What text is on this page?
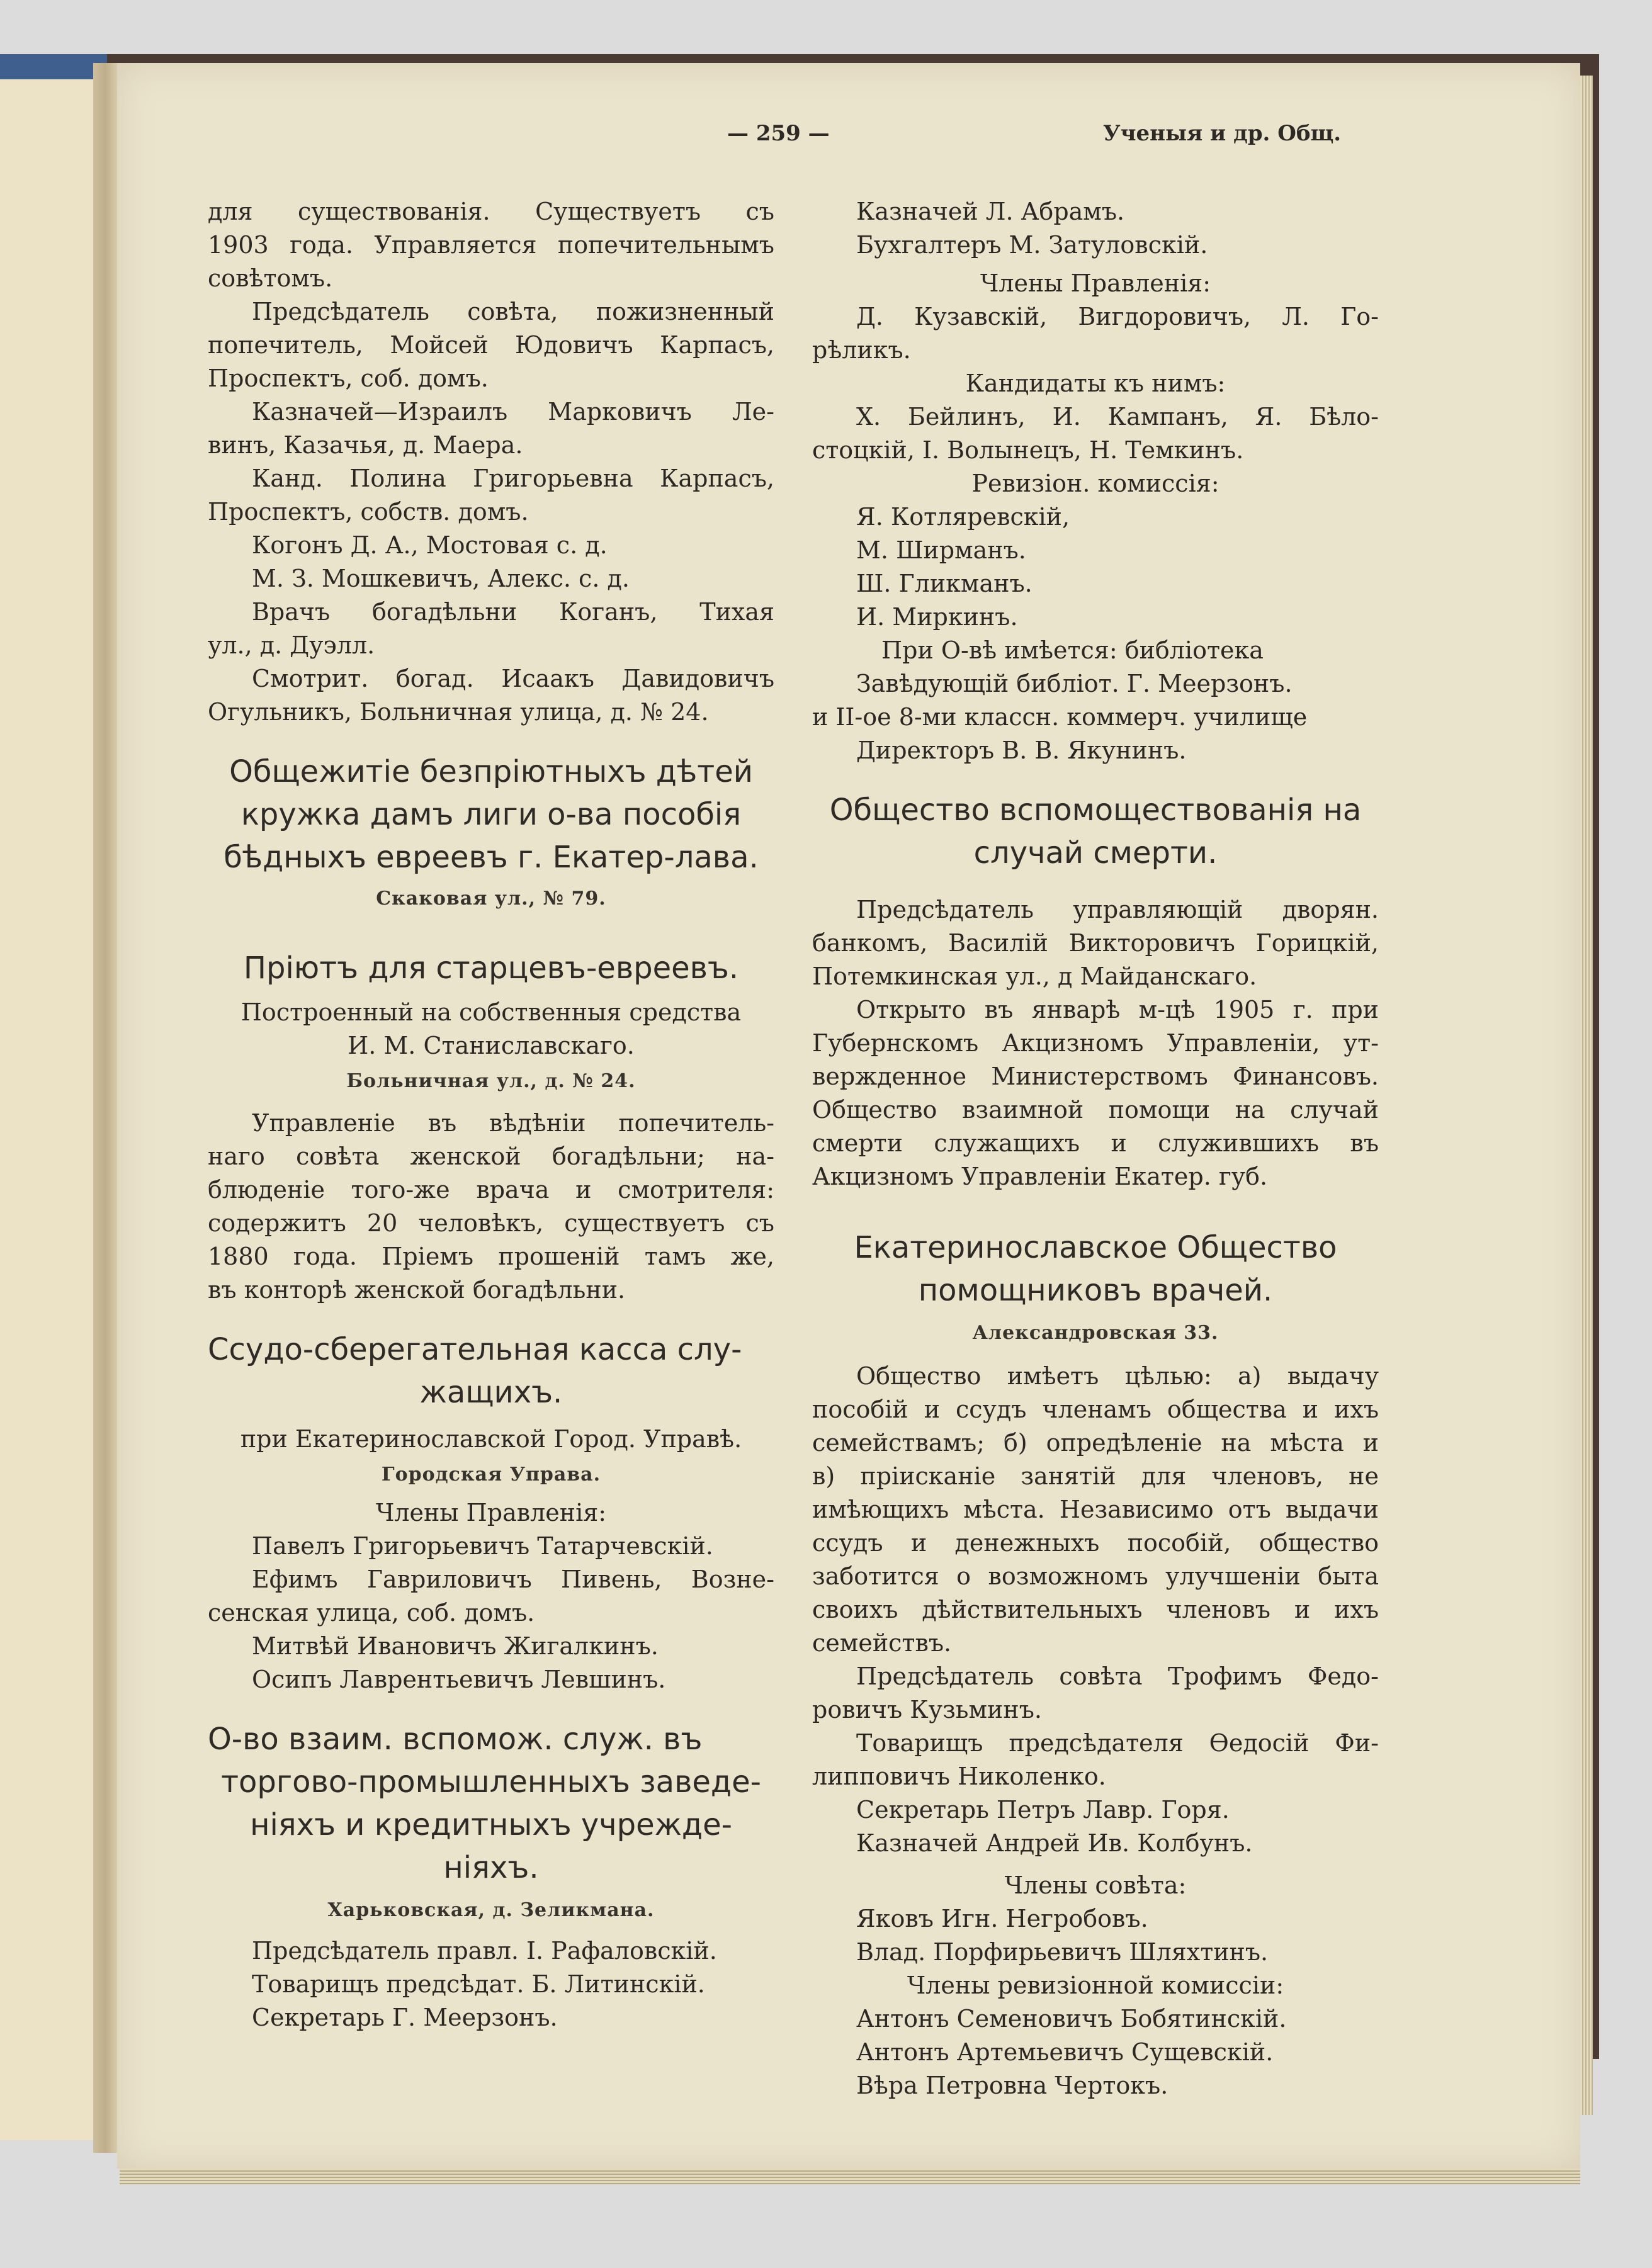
— 259 —	Ученыя и др. Общ.
для существованія. Существуетъ съ
1903 года. Управляется попечительнымъ
совѣтомъ.
Предсѣдатель совѣта, пожизненный
попечитель, Мойсей Юдовичъ Карпасъ,
Проспектъ, соб. домъ.
Казначей—Израилъ Марковичъ Ле-
винъ, Казачья, д. Маера.
Канд. Полина Григорьевна Карпасъ,
Проспектъ, собств. домъ.
Когонъ Д. А., Мостовая с. д.
М. З. Мошкевичъ, Алекс. с. д.
Врачъ богадѣльни Коганъ, Тихая
ул., д. Дуэлл.
Смотрит. богад. Исаакъ Давидовичъ
Огульникъ, Больничная улица, д. № 24.
Общежитіе безпріютныхъ дѣтей
кружка дамъ лиги о-ва пособія
бѣдныхъ евреевъ г. Екатер-лава.
Скаковая ул., № 79.
Пріютъ для старцевъ-евреевъ.
Построенный на собственныя средства
И. М. Станиславскаго.
Больничная ул., д. № 24.
Управленіе въ вѣдѣніи попечитель-
наго совѣта женской богадѣльни; на-
блюденіе того-же врача и смотрителя:
содержитъ 20 человѣкъ, существуетъ съ
1880 года. Пріемъ прошеній тамъ же,
въ конторѣ женской богадѣльни.
Ссудо-сберегательная касса слу-
жащихъ.
при Екатеринославской Город. Управѣ.
Городская Управа.
Члены Правленія:
Павелъ Григорьевичъ Татарчевскій.
Ефимъ Гавриловичъ Пивень, Возне-
сенская улица, соб. домъ.
Митвѣй Ивановичъ Жигалкинъ.
Осипъ Лаврентьевичъ Левшинъ.
О-во взаим. вспомож. служ. въ
торгово-промышленныхъ заведе-
ніяхъ и кредитныхъ учрежде-
ніяхъ.
Харьковская, д. Зеликмана.
Предсѣдатель правл. I. Рафаловскій.
Товарищъ предсѣдат. Б. Литинскій.
Секретарь Г. Меерзонъ.
Казначей Л. Абрамъ.
Бухгалтеръ М. Затуловскій.
Члены Правленія:
Д. Кузавскій, Вигдоровичъ, Л. Го-
рѣликъ.
Кандидаты къ нимъ:
Х. Бейлинъ, И. Кампанъ, Я. Бѣло-
стоцкій, I. Волынецъ, Н. Темкинъ.
Ревизіон. комиссія:
Я. Котляревскій,
М. Ширманъ.
Ш. Гликманъ.
И. Миркинъ.
При О-вѣ имѣется: библіотека
Завѣдующій библіот. Г. Меерзонъ.
и II-ое 8-ми классн. коммерч. училище
Директоръ В. В. Якунинъ.
Общество вспомоществованія на
случай смерти.
Предсѣдатель управляющій дворян.
банкомъ, Василій Викторовичъ Горицкій,
Потемкинская ул., д Майданскаго.
Открыто въ январѣ м-цѣ 1905 г. при
Губернскомъ Акцизномъ Управленіи, ут-
вержденное Министерствомъ Финансовъ.
Общество взаимной помощи на случай
смерти служащихъ и служившихъ въ
Акцизномъ Управленіи Екатер. губ.
Екатеринославское Общество
помощниковъ врачей.
Александровская 33.
Общество имѣетъ цѣлью: а) выдачу
пособій и ссудъ членамъ общества и ихъ
семействамъ; б) опредѣленіе на мѣста и
в) пріисканіе занятій для членовъ, не
имѣющихъ мѣста. Независимо отъ выдачи
ссудъ и денежныхъ пособій, общество
заботится о возможномъ улучшеніи быта
своихъ дѣйствительныхъ членовъ и ихъ
семействъ.
Предсѣдатель совѣта Трофимъ Федо-
ровичъ Кузьминъ.
Товарищъ предсѣдателя Өедосій Фи-
липповичъ Николенко.
Секретарь Петръ Лавр. Горя.
Казначей Андрей Ив. Колбунъ.
Члены совѣта:
Яковъ Игн. Негробовъ.
Влад. Порфирьевичъ Шляхтинъ.
Члены ревизіонной комиссіи:
Антонъ Семеновичъ Бобятинскій.
Антонъ Артемьевичъ Сущевскій.
Вѣра Петровна Чертокъ.
